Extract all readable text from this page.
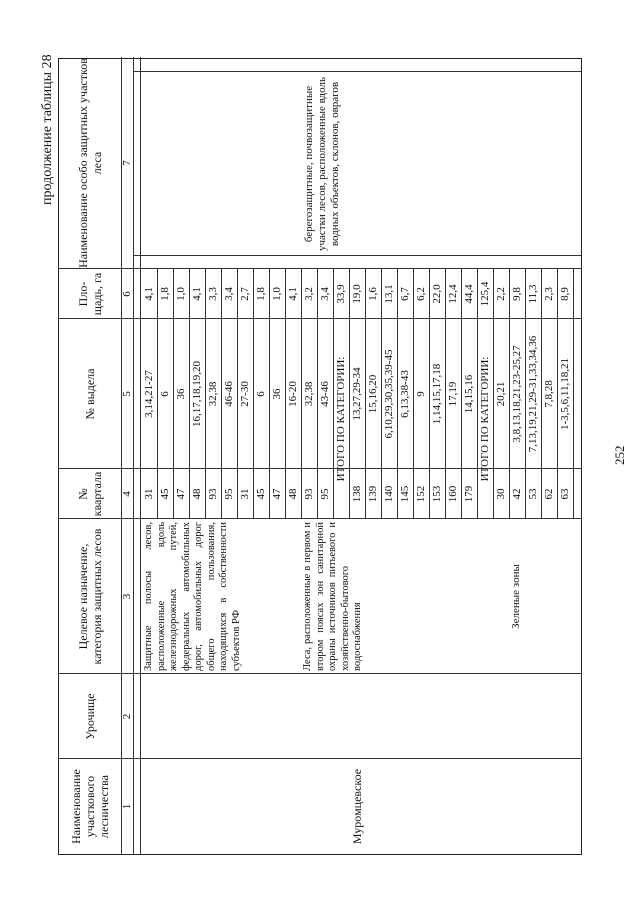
продолжение таблицы 28
Наименование участкового лесничества
Урочище
Целевое назначение, категория защитных лесов
№ квартала
№ выдела
Пло-щадь, га
Наименование особо защитных участков леса
1
2
3
4
5
6
7
Муромцевское
Защитные полосы лесов, расположенные вдоль железнодорожных путей, федеральных автомобильных дорог, автомобильных дорог общего пользования, находящихся в собственности субъектов РФ	Леса, расположенные в первом и втором поясах зон санитарной охраны источников питьевого и хозяйственно-бытового водоснабжения
Зеленые зоны
берегозащитные, почвозащитные участки лесов, расположенные вдоль водных объектов, склонов, оврагов
31
3,14,21-27
4,1
45
6
1,8
47
36
1,0
48
16,17,18,19,20
4,1
93
32,38
3,3
95
46-46
3,4
31
27-30
2,7
45
6
1,8
47
36
1,0
48
16-20
4,1
93
32,38
3,2
95
43-46
3,4
ИТОГО ПО КАТЕГОРИИ:
33,9
138
13,27,29-34
19,0
139
15,16,20
1,6
140
6,10,29,30,35,39-45
13,1
145
6,13,38-43
6,7
152
9
6,2
153
1,14,15,17,18
22,0
160
17,19
12,4
179
14,15,16
44,4
ИТОГО ПО КАТЕГОРИИ:
125,4
30
20,21
2,2
42
3,8,13,18,21,23-25,27
9,8
53
7,13,19,21,29-31,33,34,36
11,3
62
7,8,28
2,3
63
1-3,5,6,11,18,21
8,9
252
